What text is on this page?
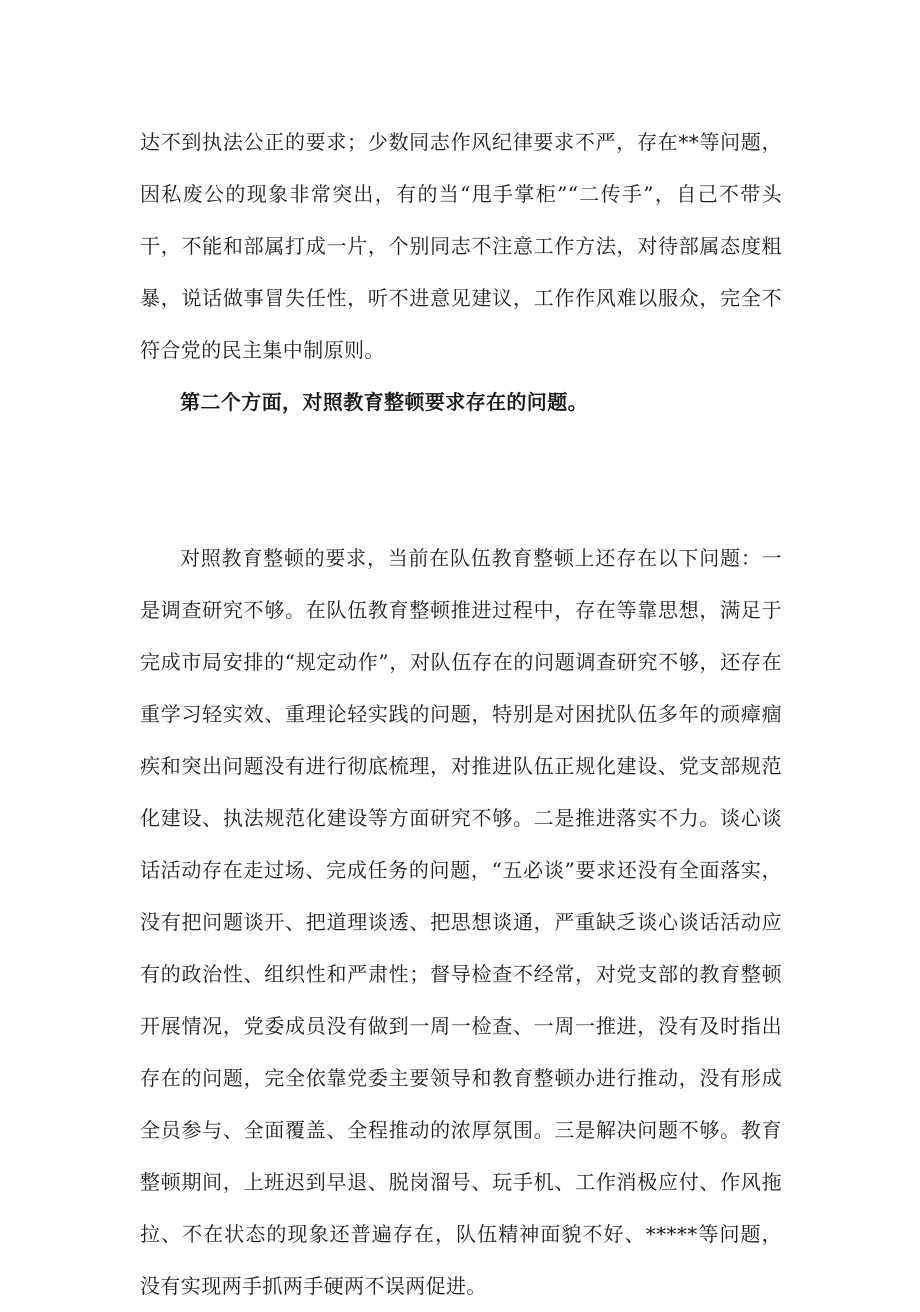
达不到执法公正的要求；少数同志作风纪律要求不严，存在**等问题，因私废公的现象非常突出，有的当“甩手掌柜”“二传手”，自己不带头干，不能和部属打成一片，个别同志不注意工作方法，对待部属态度粗暴，说话做事冒失任性，听不进意见建议，工作作风难以服众，完全不符合党的民主集中制原则。

第二个方面，对照教育整顿要求存在的问题。

对照教育整顿的要求，当前在队伍教育整顿上还存在以下问题：一是调查研究不够。在队伍教育整顿推进过程中，存在等靠思想，满足于完成市局安排的“规定动作”，对队伍存在的问题调查研究不够，还存在重学习轻实效、重理论轻实践的问题，特别是对困扰队伍多年的顽瘴痼疾和突出问题没有进行彻底梳理，对推进队伍正规化建设、党支部规范化建设、执法规范化建设等方面研究不够。二是推进落实不力。谈心谈话活动存在走过场、完成任务的问题，“五必谈”要求还没有全面落实，没有把问题谈开、把道理谈透、把思想谈通，严重缺乏谈心谈话活动应有的政治性、组织性和严肃性；督导检查不经常，对党支部的教育整顿开展情况，党委成员没有做到一周一检查、一周一推进，没有及时指出存在的问题，完全依靠党委主要领导和教育整顿办进行推动，没有形成全员参与、全面覆盖、全程推动的浓厚氛围。三是解决问题不够。教育整顿期间，上班迟到早退、脱岗溜号、玩手机、工作消极应付、作风拖拉、不在状态的现象还普遍存在，队伍精神面貌不好、*****等问题，没有实现两手抓两手硬两不误两促进。
